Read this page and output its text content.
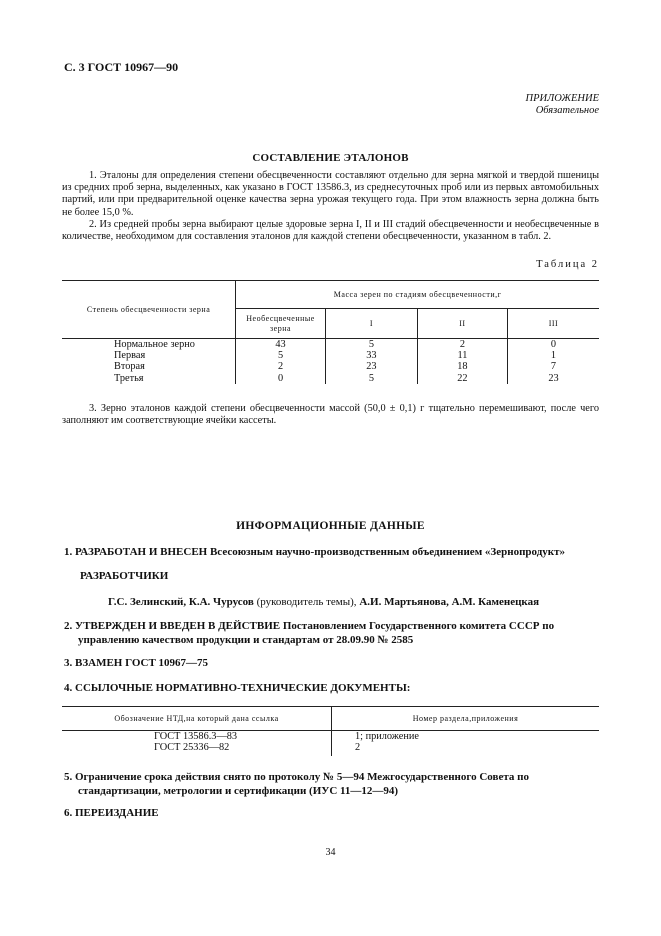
С. 3 ГОСТ 10967—90
ПРИЛОЖЕНИЕ
Обязательное
СОСТАВЛЕНИЕ ЭТАЛОНОВ
1. Эталоны для определения степени обесцвеченности составляют отдельно для зерна мягкой и твердой пшеницы из средних проб зерна, выделенных, как указано в ГОСТ 13586.3, из среднесуточных проб или из первых автомобильных партий, или при предварительной оценке качества зерна урожая текущего года. При этом влажность зерна должна быть не более 15,0 %.
2. Из средней пробы зерна выбирают целые здоровые зерна I, II и III стадий обесцвеченности и необесцвеченные в количестве, необходимом для составления эталонов для каждой степени обесцвеченности, указанном в табл. 2.
Таблица 2
Степень обесцвеченности зерна	Масса зерен по стадиям обесцвеченности,г			
	Необесцвеченные зерна	I	II	III
Нормальное зерно	43	5	2	0
Первая	5	33	11	1
Вторая	2	23	18	7
Третья	0	5	22	23
3. Зерно эталонов каждой степени обесцвеченности массой (50,0 ± 0,1) г тщательно перемешивают, после чего заполняют им соответствующие ячейки кассеты.
ИНФОРМАЦИОННЫЕ ДАННЫЕ
1. РАЗРАБОТАН И ВНЕСЕН Всесоюзным научно-производственным объединением «Зернопродукт»
РАЗРАБОТЧИКИ
Г.С. Зелинский, К.А. Чурусов (руководитель темы), А.И. Мартьянова, А.М. Каменецкая
2. УТВЕРЖДЕН И ВВЕДЕН В ДЕЙСТВИЕ Постановлением Государственного комитета СССР по управлению качеством продукции и стандартам от 28.09.90 № 2585
3. ВЗАМЕН ГОСТ 10967—75
4. ССЫЛОЧНЫЕ НОРМАТИВНО-ТЕХНИЧЕСКИЕ ДОКУМЕНТЫ:
Обозначение НТД,на который дана ссылка	Номер раздела,приложения
ГОСТ 13586.3—83	1; приложение
ГОСТ 25336—82	2
5. Ограничение срока действия снято по протоколу № 5—94 Межгосударственного Совета по стандартизации, метрологии и сертификации (ИУС 11—12—94)
6. ПЕРЕИЗДАНИЕ
34
